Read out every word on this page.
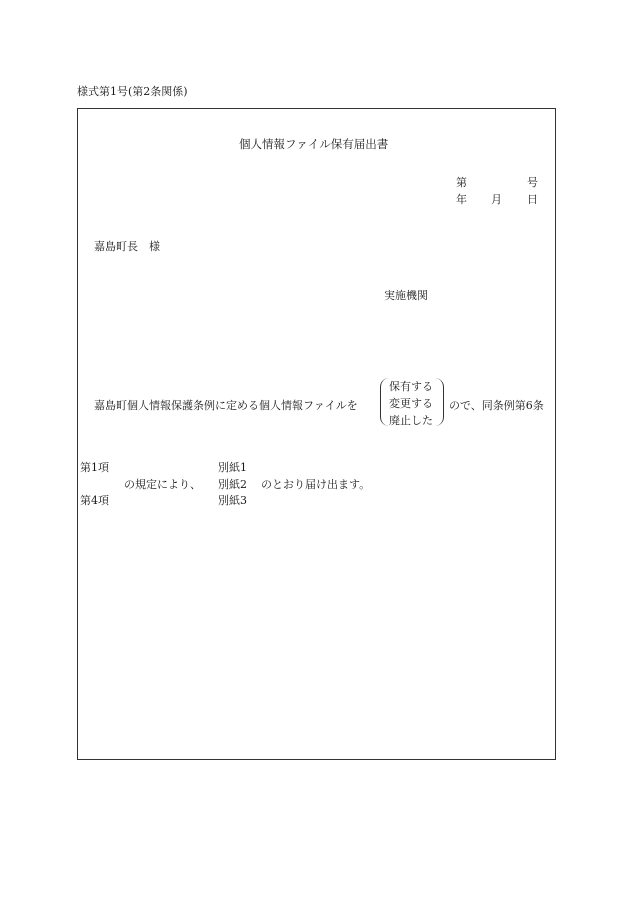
様式第1号(第2条関係)
個人情報ファイル保有届出書
第	号
年 月 日
嘉島町長　様
実施機関
嘉島町個人情報保護条例に定める個人情報ファイルを
保有する
変更する
廃止した
ので、同条例第6条
第1項
の規定により、
第4項
別紙1
別紙2
別紙3
のとおり届け出ます。
